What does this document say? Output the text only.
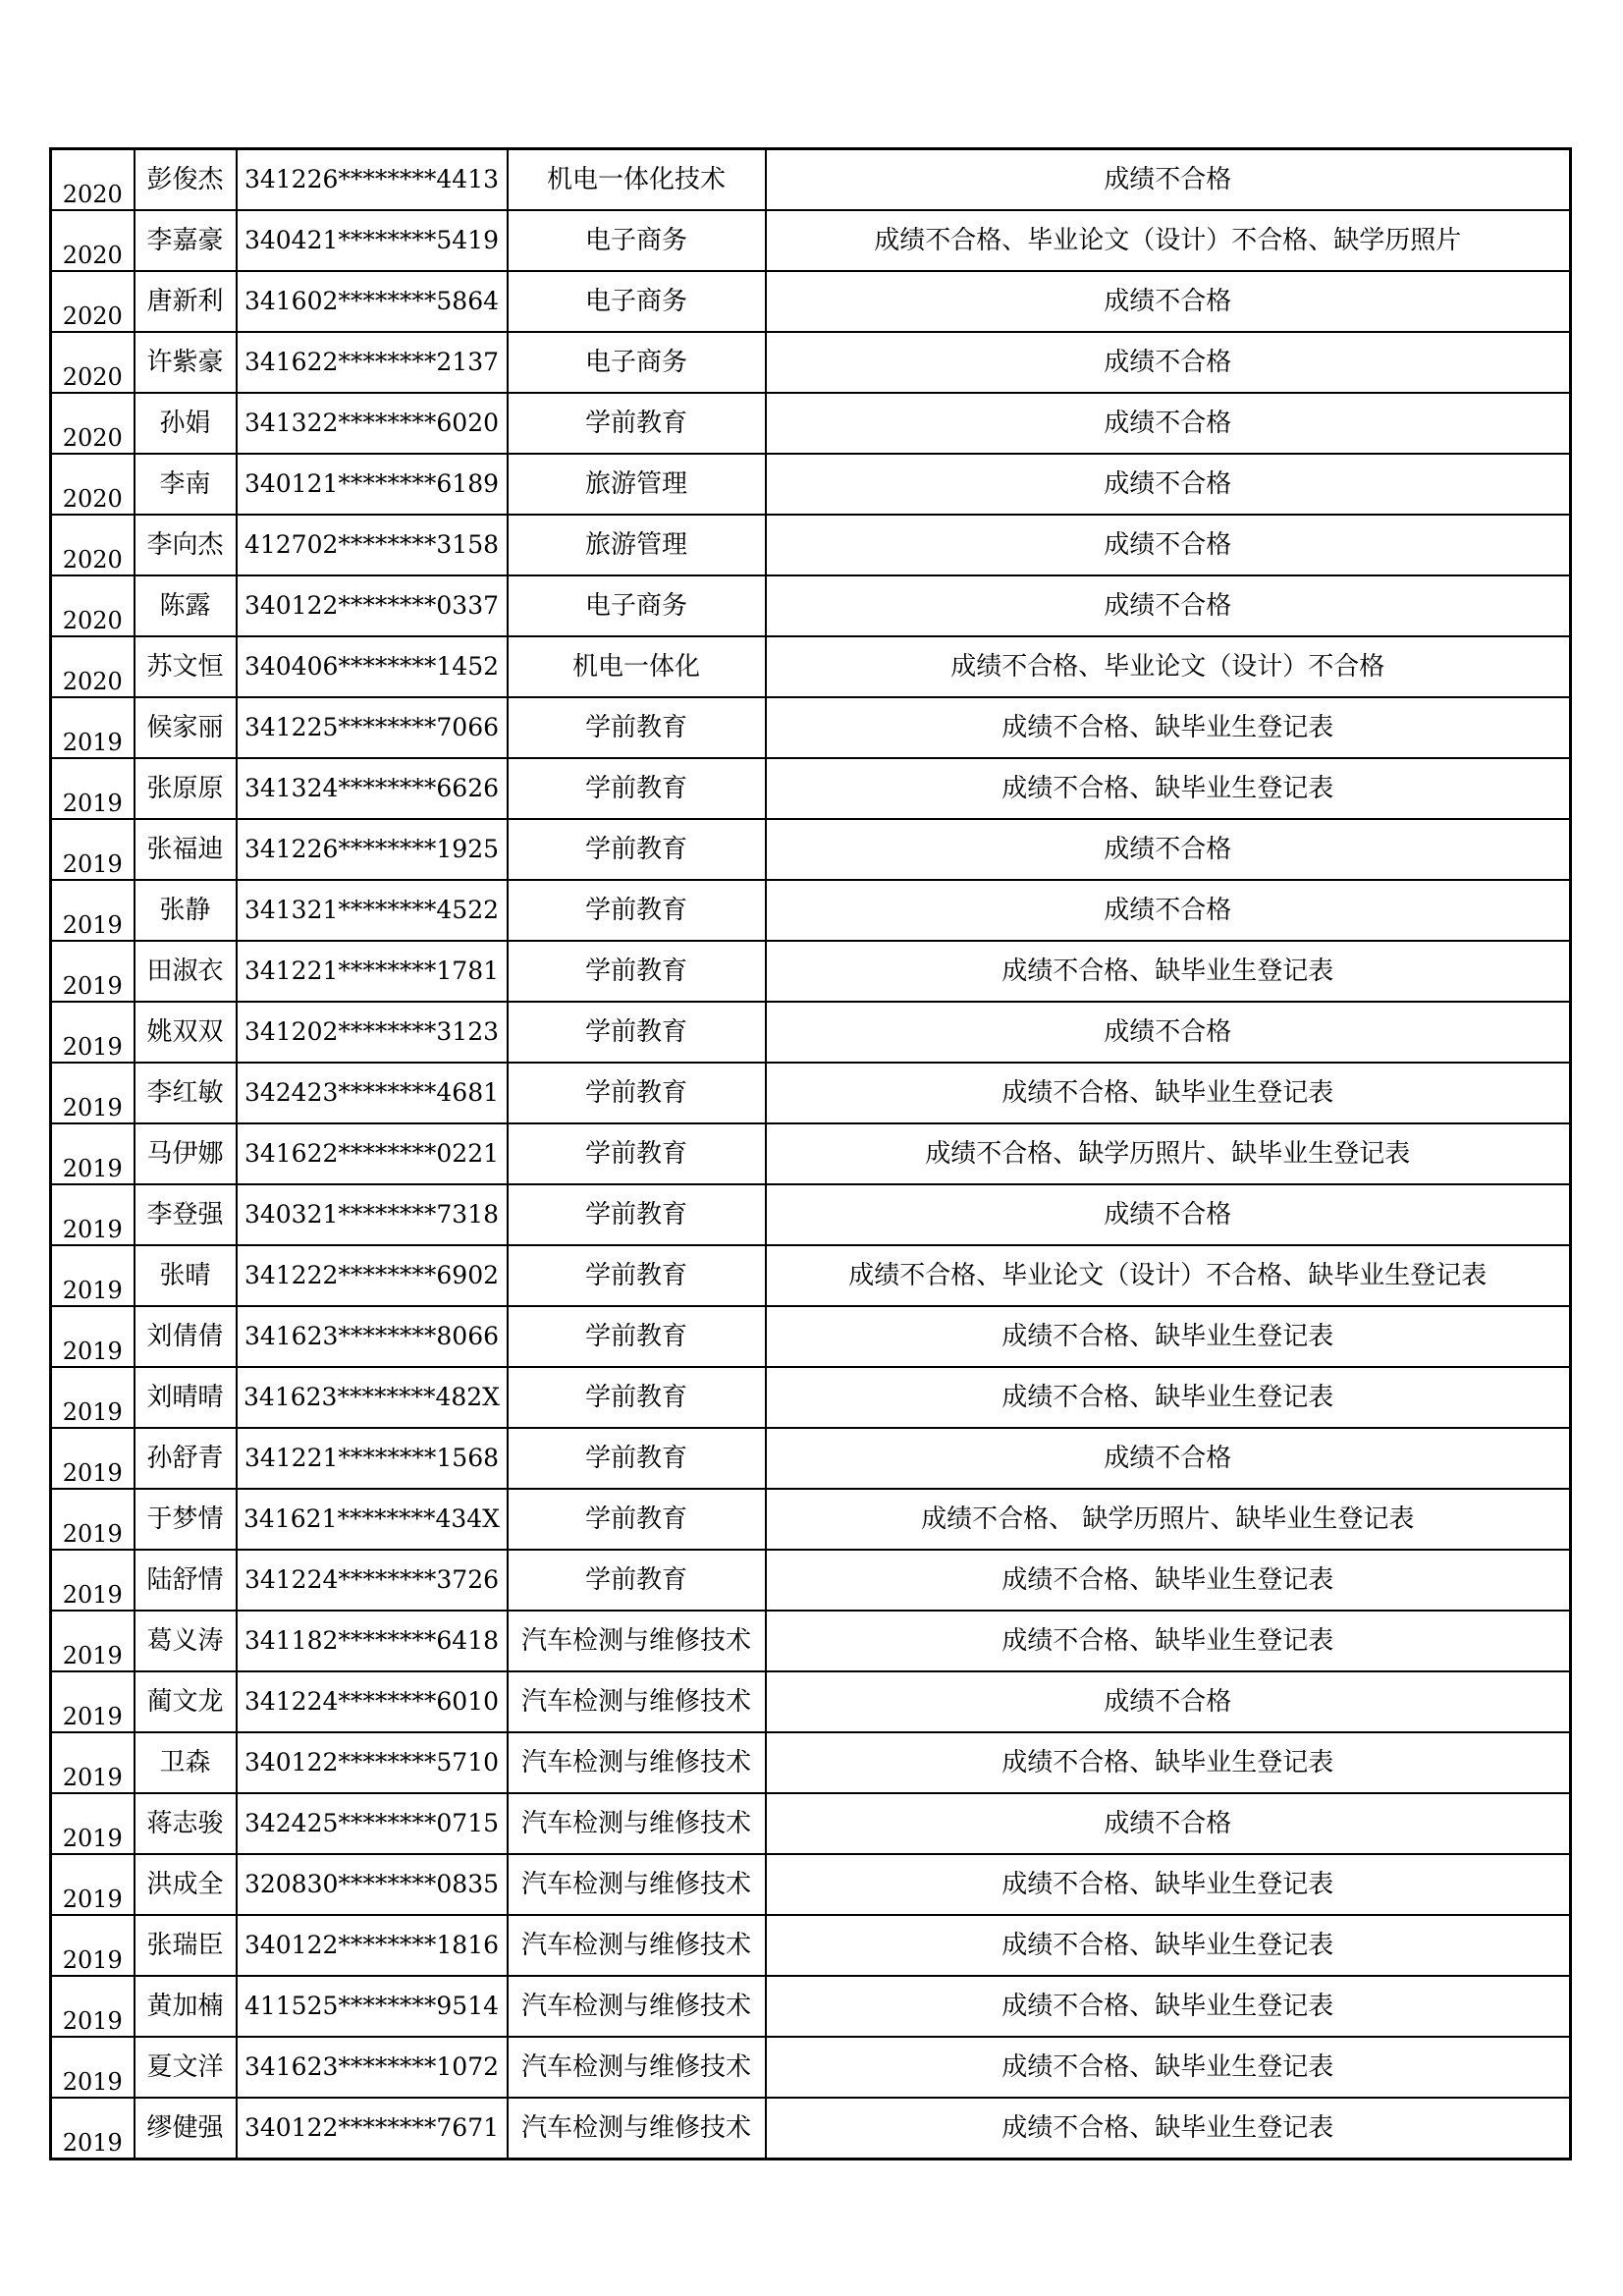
2020	彭俊杰	341226********4413	机电一体化技术	成绩不合格
2020	李嘉豪	340421********5419	电子商务	成绩不合格、毕业论文（设计）不合格、缺学历照片
2020	唐新利	341602********5864	电子商务	成绩不合格
2020	许紫豪	341622********2137	电子商务	成绩不合格
2020	孙娟	341322********6020	学前教育	成绩不合格
2020	李南	340121********6189	旅游管理	成绩不合格
2020	李向杰	412702********3158	旅游管理	成绩不合格
2020	陈露	340122********0337	电子商务	成绩不合格
2020	苏文恒	340406********1452	机电一体化	成绩不合格、毕业论文（设计）不合格
2019	候家丽	341225********7066	学前教育	成绩不合格、缺毕业生登记表
2019	张原原	341324********6626	学前教育	成绩不合格、缺毕业生登记表
2019	张福迪	341226********1925	学前教育	成绩不合格
2019	张静	341321********4522	学前教育	成绩不合格
2019	田淑衣	341221********1781	学前教育	成绩不合格、缺毕业生登记表
2019	姚双双	341202********3123	学前教育	成绩不合格
2019	李红敏	342423********4681	学前教育	成绩不合格、缺毕业生登记表
2019	马伊娜	341622********0221	学前教育	成绩不合格、缺学历照片、缺毕业生登记表
2019	李登强	340321********7318	学前教育	成绩不合格
2019	张晴	341222********6902	学前教育	成绩不合格、毕业论文（设计）不合格、缺毕业生登记表
2019	刘倩倩	341623********8066	学前教育	成绩不合格、缺毕业生登记表
2019	刘晴晴	341623********482X	学前教育	成绩不合格、缺毕业生登记表
2019	孙舒青	341221********1568	学前教育	成绩不合格
2019	于梦情	341621********434X	学前教育	成绩不合格、 缺学历照片、缺毕业生登记表
2019	陆舒情	341224********3726	学前教育	成绩不合格、缺毕业生登记表
2019	葛义涛	341182********6418	汽车检测与维修技术	成绩不合格、缺毕业生登记表
2019	蔺文龙	341224********6010	汽车检测与维修技术	成绩不合格
2019	卫森	340122********5710	汽车检测与维修技术	成绩不合格、缺毕业生登记表
2019	蒋志骏	342425********0715	汽车检测与维修技术	成绩不合格
2019	洪成全	320830********0835	汽车检测与维修技术	成绩不合格、缺毕业生登记表
2019	张瑞臣	340122********1816	汽车检测与维修技术	成绩不合格、缺毕业生登记表
2019	黄加楠	411525********9514	汽车检测与维修技术	成绩不合格、缺毕业生登记表
2019	夏文洋	341623********1072	汽车检测与维修技术	成绩不合格、缺毕业生登记表
2019	缪健强	340122********7671	汽车检测与维修技术	成绩不合格、缺毕业生登记表
